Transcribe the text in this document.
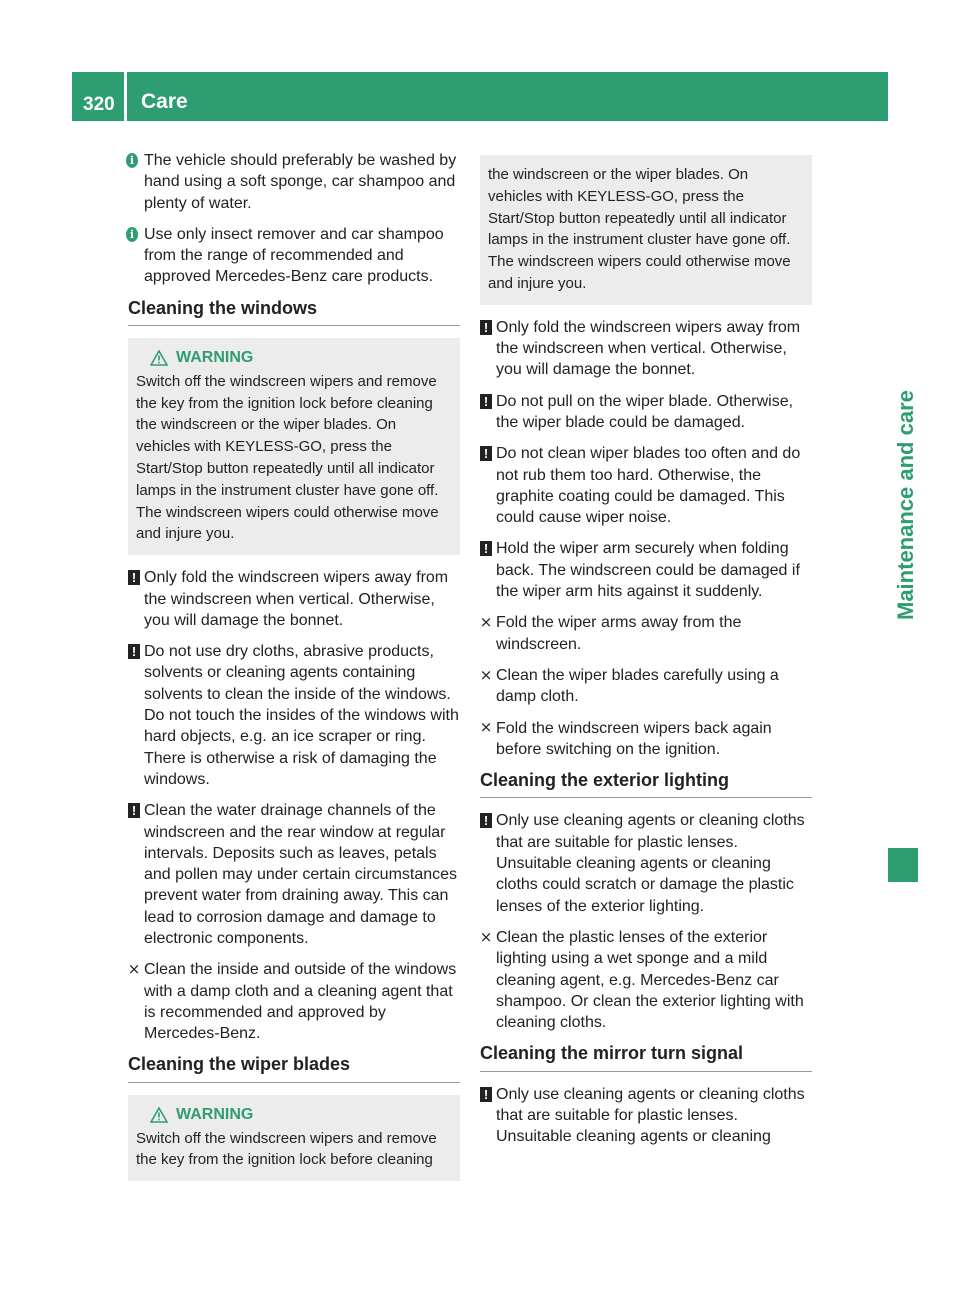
320 Care
Maintenance and care

i The vehicle should preferably be washed by hand using a soft sponge, car shampoo and plenty of water.

i Use only insect remover and car shampoo from the range of recommended and approved Mercedes-Benz care products.

Cleaning the windows
WARNING

Switch off the windscreen wipers and remove the key from the ignition lock before cleaning the windscreen or the wiper blades. On vehicles with KEYLESS-GO, press the Start/Stop button repeatedly until all indicator lamps in the instrument cluster have gone off. The windscreen wipers could otherwise move and injure you.

! Only fold the windscreen wipers away from the windscreen when vertical. Otherwise, you will damage the bonnet.

! Do not use dry cloths, abrasive products, solvents or cleaning agents containing solvents to clean the inside of the windows. Do not touch the insides of the windows with hard objects, e.g. an ice scraper or ring. There is otherwise a risk of damaging the windows.

! Clean the water drainage channels of the windscreen and the rear window at regular intervals. Deposits such as leaves, petals and pollen may under certain circumstances prevent water from draining away. This can lead to corrosion damage and damage to electronic components.

⨯ Clean the inside and outside of the windows with a damp cloth and a cleaning agent that is recommended and approved by Mercedes-Benz.

Cleaning the wiper blades
WARNING

Switch off the windscreen wipers and remove the key from the ignition lock before cleaning

the windscreen or the wiper blades. On vehicles with KEYLESS-GO, press the Start/Stop button repeatedly until all indicator lamps in the instrument cluster have gone off. The windscreen wipers could otherwise move and injure you.

! Only fold the windscreen wipers away from the windscreen when vertical. Otherwise, you will damage the bonnet.

! Do not pull on the wiper blade. Otherwise, the wiper blade could be damaged.

! Do not clean wiper blades too often and do not rub them too hard. Otherwise, the graphite coating could be damaged. This could cause wiper noise.

! Hold the wiper arm securely when folding back. The windscreen could be damaged if the wiper arm hits against it suddenly.

⨯ Fold the wiper arms away from the windscreen.

⨯ Clean the wiper blades carefully using a damp cloth.

⨯ Fold the windscreen wipers back again before switching on the ignition.

Cleaning the exterior lighting

! Only use cleaning agents or cleaning cloths that are suitable for plastic lenses. Unsuitable cleaning agents or cleaning cloths could scratch or damage the plastic lenses of the exterior lighting.

⨯ Clean the plastic lenses of the exterior lighting using a wet sponge and a mild cleaning agent, e.g. Mercedes-Benz car shampoo. Or clean the exterior lighting with cleaning cloths.

Cleaning the mirror turn signal

! Only use cleaning agents or cleaning cloths that are suitable for plastic lenses. Unsuitable cleaning agents or cleaning
